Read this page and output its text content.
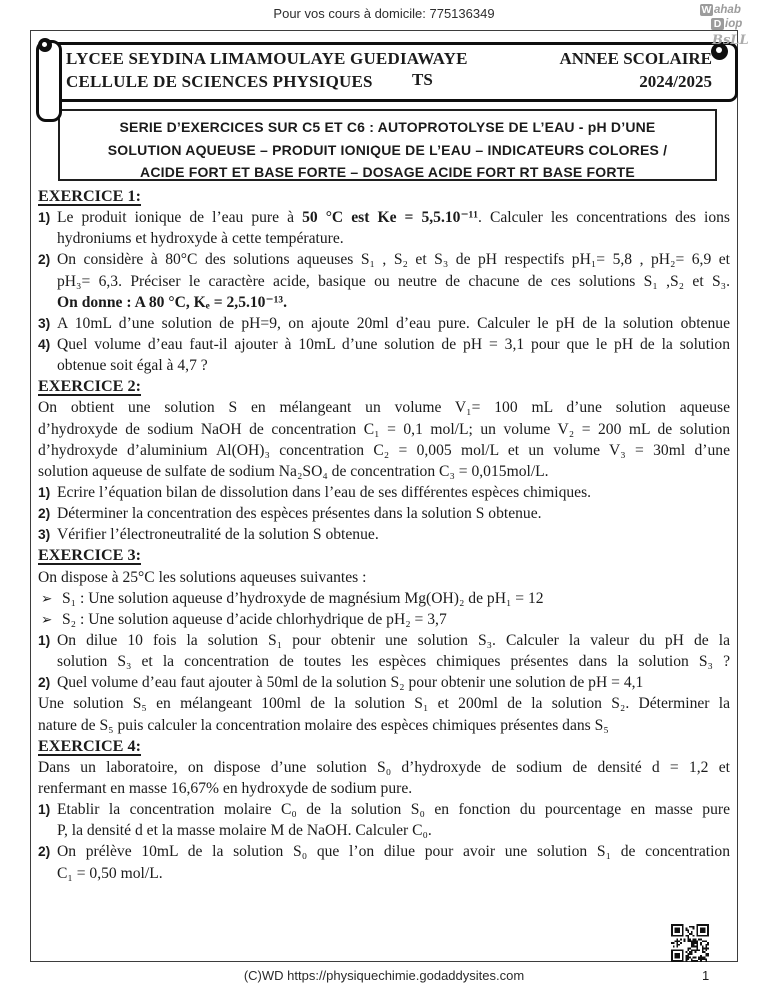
Pour vos cours à domicile: 775136349	W ahab
D iop
BsLL
LYCEE SEYDINA LIMAMOULAYE GUEDIAWAYE
CELLULE DE SCIENCES PHYSIQUES	TS
ANNEE SCOLAIRE
2024/2025
SERIE D’EXERCICES SUR C5 ET C6 : AUTOPROTOLYSE DE L’EAU - pH D’UNE
SOLUTION AQUEUSE – PRODUIT IONIQUE DE L’EAU – INDICATEURS COLORES /
ACIDE FORT ET BASE FORTE – DOSAGE ACIDE FORT RT BASE FORTE
EXERCICE 1:
1) Le produit ionique de l’eau pure à 50 °C est Ke = 5,5.10⁻¹¹. Calculer les concentrations des ions
hydroniums et hydroxyde à cette température.
2) On considère à 80°C des solutions aqueuses S₁ , S₂ et S₃ de pH respectifs pH₁= 5,8 , pH₂= 6,9 et
pH₃= 6,3. Préciser le caractère acide, basique ou neutre de chacune de ces solutions S₁ ,S₂ et S₃.
On donne : A 80 °C, Kₑ = 2,5.10⁻¹³.
3) A 10mL d’une solution de pH=9, on ajoute 20ml d’eau pure. Calculer le pH de la solution obtenue
4) Quel volume d’eau faut-il ajouter à 10mL d’une solution de pH = 3,1 pour que le pH de la solution
obtenue soit égal à 4,7 ?
EXERCICE 2:
On obtient une solution S en mélangeant un volume V₁= 100 mL d’une solution aqueuse
d’hydroxyde de sodium NaOH de concentration C₁ = 0,1 mol/L; un volume V₂ = 200 mL de solution
d’hydroxyde d’aluminium Al(OH)₃ concentration C₂ = 0,005 mol/L et un volume V₃ = 30ml d’une
solution aqueuse de sulfate de sodium Na₂SO₄ de concentration C₃ = 0,015mol/L.
1) Ecrire l’équation bilan de dissolution dans l’eau de ses différentes espèces chimiques.
2) Déterminer la concentration des espèces présentes dans la solution S obtenue.
3) Vérifier l’électroneutralité de la solution S obtenue.
EXERCICE 3:
On dispose à 25°C les solutions aqueuses suivantes :
➢ S₁ : Une solution aqueuse d’hydroxyde de magnésium Mg(OH)₂ de pH₁ = 12
➢ S₂ : Une solution aqueuse d’acide chlorhydrique de pH₂ = 3,7
1) On dilue 10 fois la solution S₁ pour obtenir une solution S₃. Calculer la valeur du pH de la
solution S₃ et la concentration de toutes les espèces chimiques présentes dans la solution S₃ ?
2) Quel volume d’eau faut ajouter à 50ml de la solution S₂ pour obtenir une solution de pH = 4,1
Une solution S₅ en mélangeant 100ml de la solution S₁ et 200ml de la solution S₂. Déterminer la
nature de S₅ puis calculer la concentration molaire des espèces chimiques présentes dans S₅
EXERCICE 4:
Dans un laboratoire, on dispose d’une solution S₀ d’hydroxyde de sodium de densité d = 1,2 et
renfermant en masse 16,67% en hydroxyde de sodium pure.
1) Etablir la concentration molaire C₀ de la solution S₀ en fonction du pourcentage en masse pure
P, la densité d et la masse molaire M de NaOH. Calculer C₀.
2) On prélève 10mL de la solution S₀ que l’on dilue pour avoir une solution S₁ de concentration
C₁ = 0,50 mol/L.
(C)WD https://physiquechimie.godaddysites.com	1
